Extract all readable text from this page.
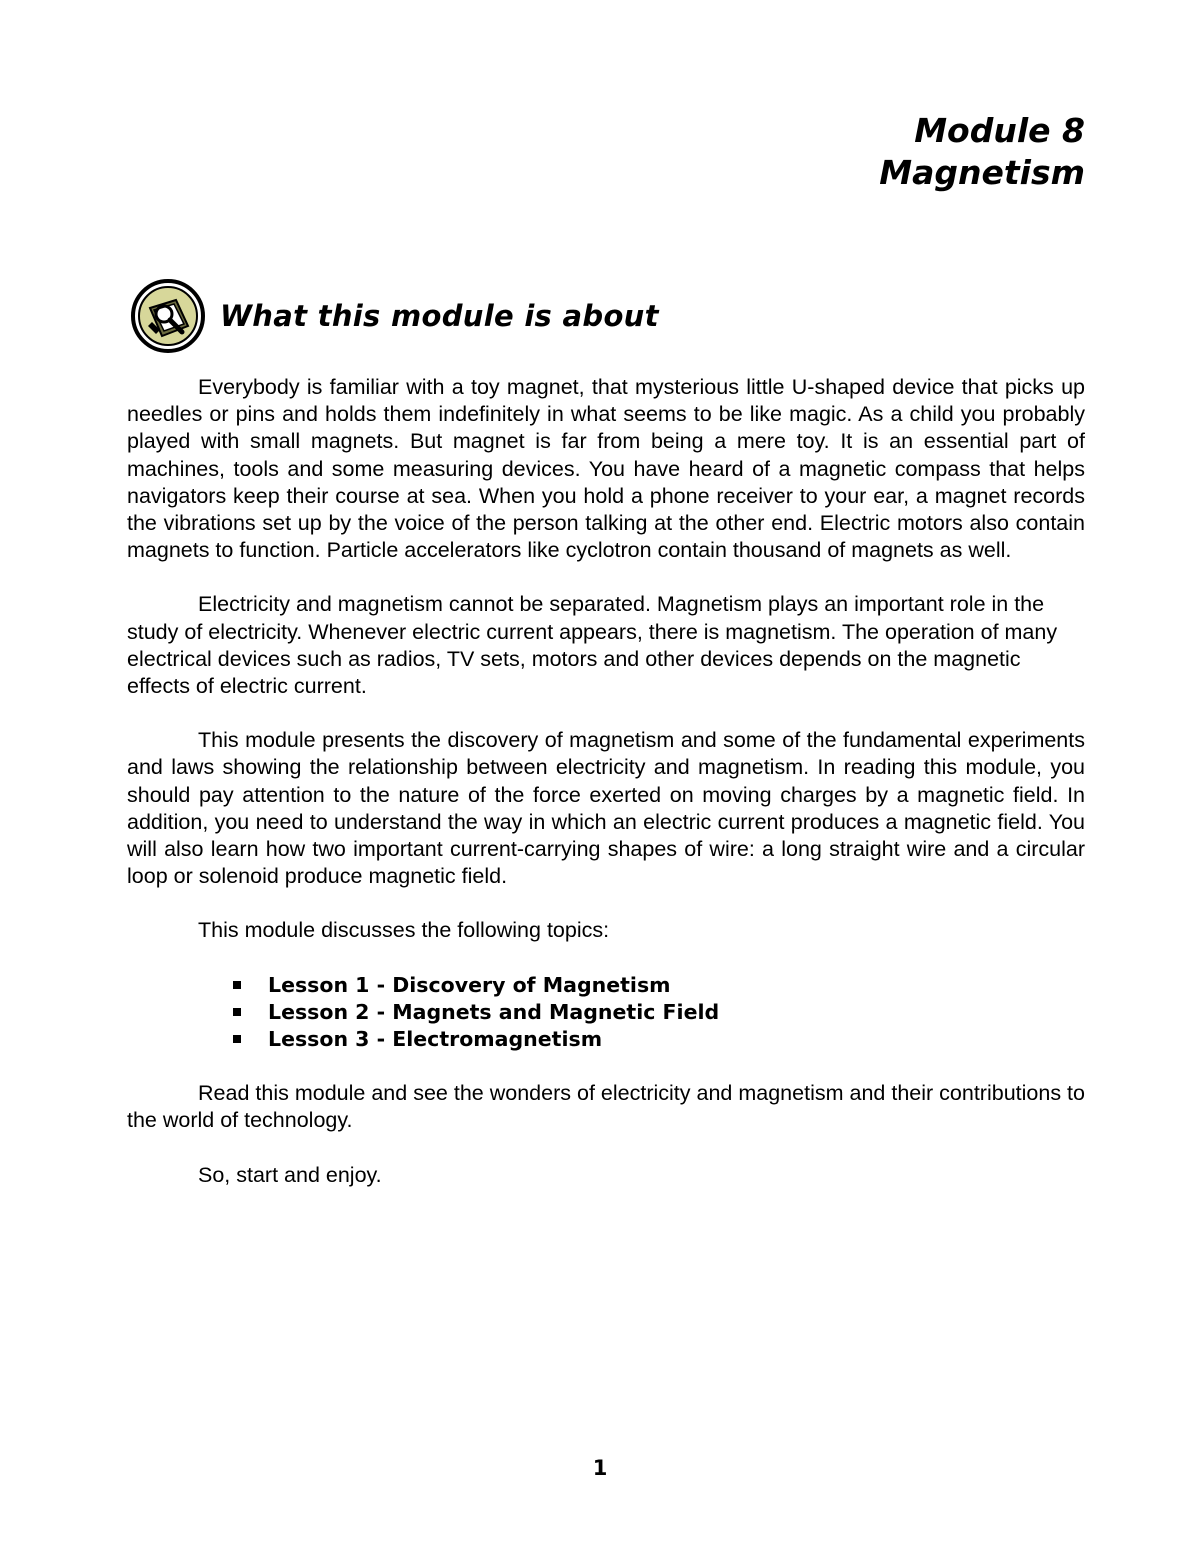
Module 8
Magnetism
What this module is about

Everybody is familiar with a toy magnet, that mysterious little U-shaped device that picks up needles or pins and holds them indefinitely in what seems to be like magic. As a child you probably played with small magnets. But magnet is far from being a mere toy. It is an essential part of machines, tools and some measuring devices. You have heard of a magnetic compass that helps navigators keep their course at sea. When you hold a phone receiver to your ear, a magnet records the vibrations set up by the voice of the person talking at the other end. Electric motors also contain magnets to function. Particle accelerators like cyclotron contain thousand of magnets as well.

Electricity and magnetism cannot be separated. Magnetism plays an important role in the study of electricity. Whenever electric current appears, there is magnetism. The operation of many electrical devices such as radios, TV sets, motors and other devices depends on the magnetic effects of electric current.

This module presents the discovery of magnetism and some of the fundamental experiments and laws showing the relationship between electricity and magnetism. In reading this module, you should pay attention to the nature of the force exerted on moving charges by a magnetic field. In addition, you need to understand the way in which an electric current produces a magnetic field. You will also learn how two important current-carrying shapes of wire: a long straight wire and a circular loop or solenoid produce magnetic field.

This module discusses the following topics:

Lesson 1 - Discovery of Magnetism
Lesson 2 - Magnets and Magnetic Field
Lesson 3 - Electromagnetism

Read this module and see the wonders of electricity and magnetism and their contributions to the world of technology.

So, start and enjoy.

1
